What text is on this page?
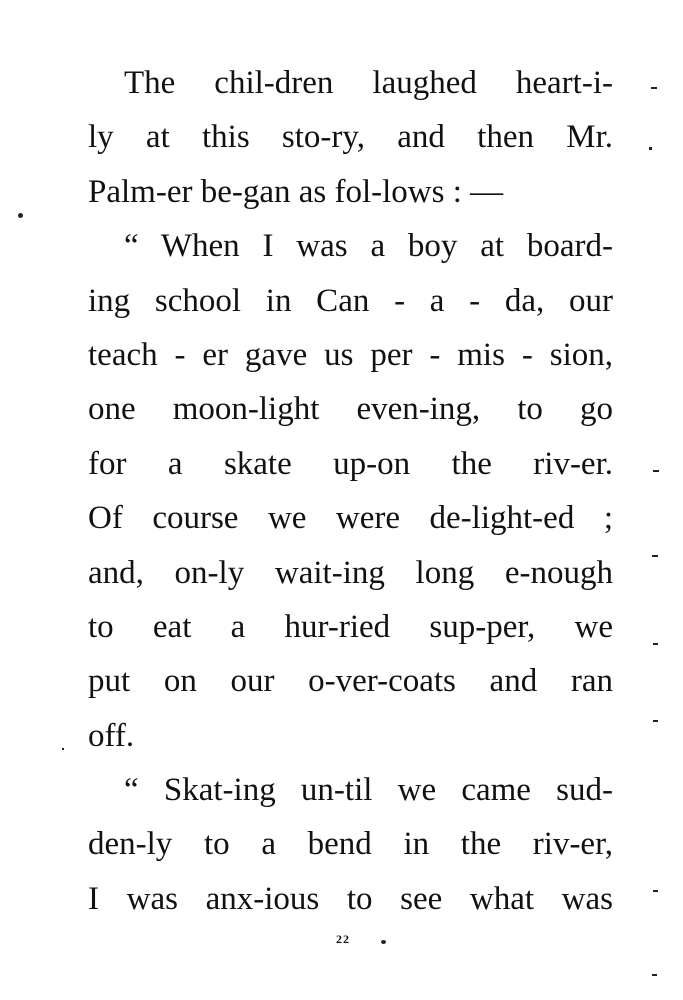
The chil-dren laughed heart-i-
ly at this sto-ry, and then Mr.
Palm-er be-gan as fol-lows : —
“ When I was a boy at board-
ing school in Can - a - da, our
teach - er gave us per - mis - sion,
one moon-light even-ing, to go
for a skate up-on the riv-er.
Of course we were de-light-ed ;
and, on-ly wait-ing long e-nough
to eat a hur-ried sup-per, we
put on our o-ver-coats and ran
off.
“ Skat-ing un-til we came sud-
den-ly to a bend in the riv-er,
I was anx-ious to see what was
22
